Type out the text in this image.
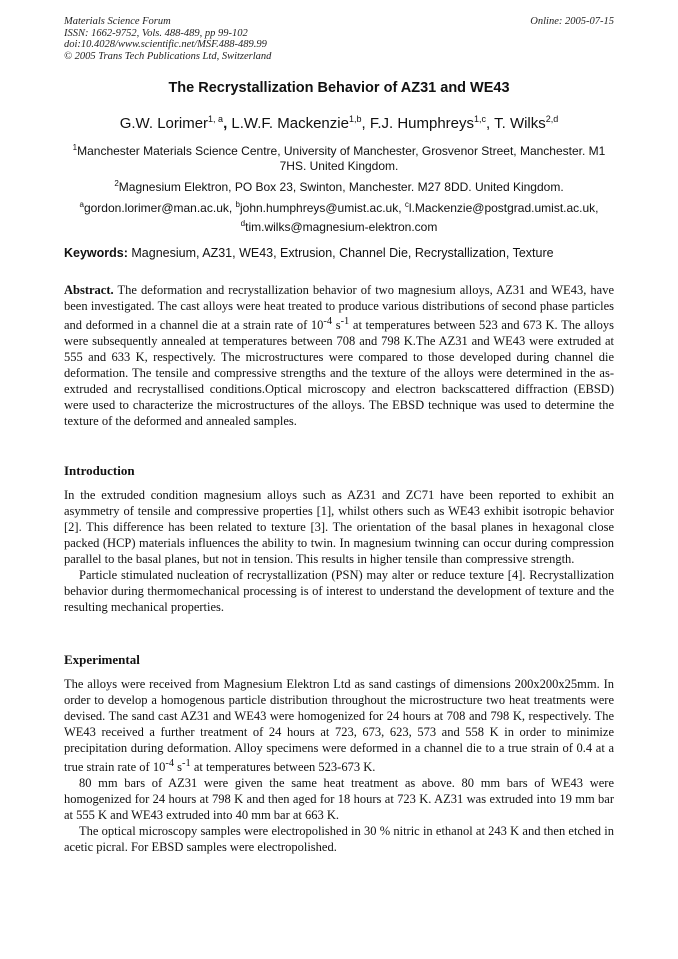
Materials Science Forum
ISSN: 1662-9752, Vols. 488-489, pp 99-102
doi:10.4028/www.scientific.net/MSF.488-489.99
© 2005 Trans Tech Publications Ltd, Switzerland
Online: 2005-07-15
The Recrystallization Behavior of AZ31 and WE43
G.W. Lorimer$^{1, a}$, L.W.F. Mackenzie$^{1,b}$, F.J. Humphreys$^{1,c}$, T. Wilks$^{2,d}$
$^1$Manchester Materials Science Centre, University of Manchester, Grosvenor Street, Manchester. M1 7HS. United Kingdom.
$^2$Magnesium Elektron, PO Box 23, Swinton, Manchester. M27 8DD. United Kingdom.
$^a$gordon.lorimer@man.ac.uk, $^b$john.humphreys@umist.ac.uk, $^c$l.Mackenzie@postgrad.umist.ac.uk,
$^d$tim.wilks@magnesium-elektron.com
Keywords: Magnesium, AZ31, WE43, Extrusion, Channel Die, Recrystallization, Texture

Abstract. The deformation and recrystallization behavior of two magnesium alloys, AZ31 and WE43, have been investigated. The cast alloys were heat treated to produce various distributions of second phase particles and deformed in a channel die at a strain rate of $10^{-4}$ $s^{-1}$ at temperatures between 523 and 673 K. The alloys were subsequently annealed at temperatures between 708 and 798 K.The AZ31 and WE43 were extruded at 555 and 633 K, respectively. The microstructures were compared to those developed during channel die deformation. The tensile and compressive strengths and the texture of the alloys were determined in the as-extruded and recrystallised conditions.Optical microscopy and electron backscattered diffraction (EBSD) were used to characterize the microstructures of the alloys. The EBSD technique was used to determine the texture of the deformed and annealed samples.

Introduction

In the extruded condition magnesium alloys such as AZ31 and ZC71 have been reported to exhibit an asymmetry of tensile and compressive properties [1], whilst others such as WE43 exhibit isotropic behavior [2]. This difference has been related to texture [3]. The orientation of the basal planes in hexagonal close packed (HCP) materials influences the ability to twin. In magnesium twinning can occur during compression parallel to the basal planes, but not in tension. This results in higher tensile than compressive strength.

Particle stimulated nucleation of recrystallization (PSN) may alter or reduce texture [4]. Recrystallization behavior during thermomechanical processing is of interest to understand the development of texture and the resulting mechanical properties.

Experimental

The alloys were received from Magnesium Elektron Ltd as sand castings of dimensions 200x200x25mm. In order to develop a homogenous particle distribution throughout the microstructure two heat treatments were devised. The sand cast AZ31 and WE43 were homogenized for 24 hours at 708 and 798 K, respectively. The WE43 received a further treatment of 24 hours at 723, 673, 623, 573 and 558 K in order to minimize precipitation during deformation. Alloy specimens were deformed in a channel die to a true strain of 0.4 at a true strain rate of $10^{-4}$ $s^{-1}$ at temperatures between 523-673 K.

80 mm bars of AZ31 were given the same heat treatment as above. 80 mm bars of WE43 were homogenized for 24 hours at 798 K and then aged for 18 hours at 723 K. AZ31 was extruded into 19 mm bar at 555 K and WE43 extruded into 40 mm bar at 663 K.

The optical microscopy samples were electropolished in 30 % nitric in ethanol at 243 K and then etched in acetic picral. For EBSD samples were electropolished.
